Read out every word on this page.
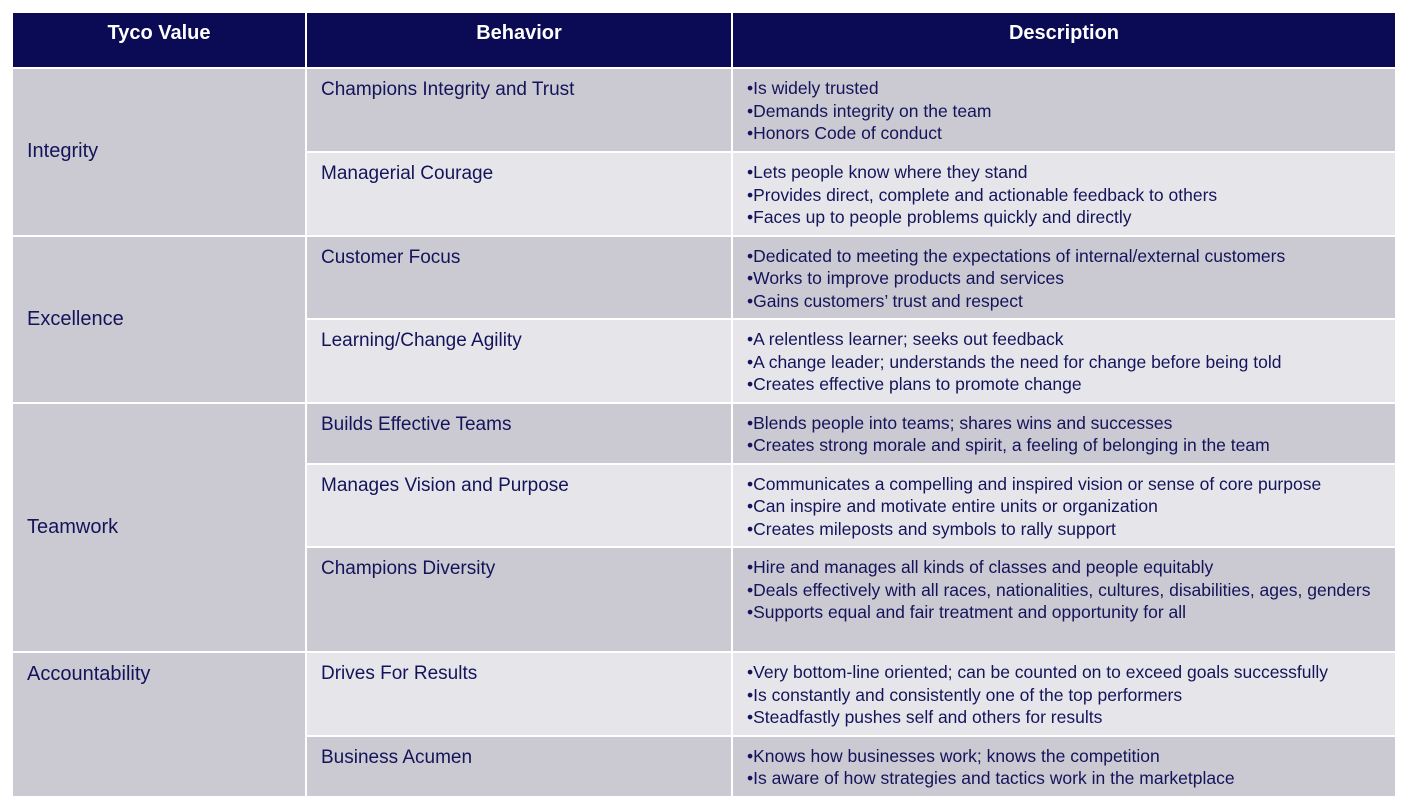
Tyco Value	Behavior	Description

Integrity	Champions Integrity and Trust	•Is widely trusted
•Demands integrity on the team
•Honors Code of conduct

	Managerial Courage	•Lets people know where they stand
•Provides direct, complete and actionable feedback to others
•Faces up to people problems quickly and directly

Excellence	Customer Focus	•Dedicated to meeting the expectations of internal/external customers
•Works to improve products and services
•Gains customers’ trust and respect

	Learning/Change Agility	•A relentless learner; seeks out feedback
•A change leader; understands the need for change before being told
•Creates effective plans to promote change

Teamwork	Builds Effective Teams	•Blends people into teams; shares wins and successes
•Creates strong morale and spirit, a feeling of belonging in the team

	Manages Vision and Purpose	•Communicates a compelling and inspired vision or sense of core purpose
•Can inspire and motivate entire units or organization
•Creates mileposts and symbols to rally support

	Champions Diversity	•Hire and manages all kinds of classes and people equitably
•Deals effectively with all races, nationalities, cultures, disabilities, ages, genders
•Supports equal and fair treatment and opportunity for all

Accountability	Drives For Results	•Very bottom-line oriented; can be counted on to exceed goals successfully
•Is constantly and consistently one of the top performers
•Steadfastly pushes self and others for results

	Business Acumen	•Knows how businesses work; knows the competition
•Is aware of how strategies and tactics work in the marketplace
